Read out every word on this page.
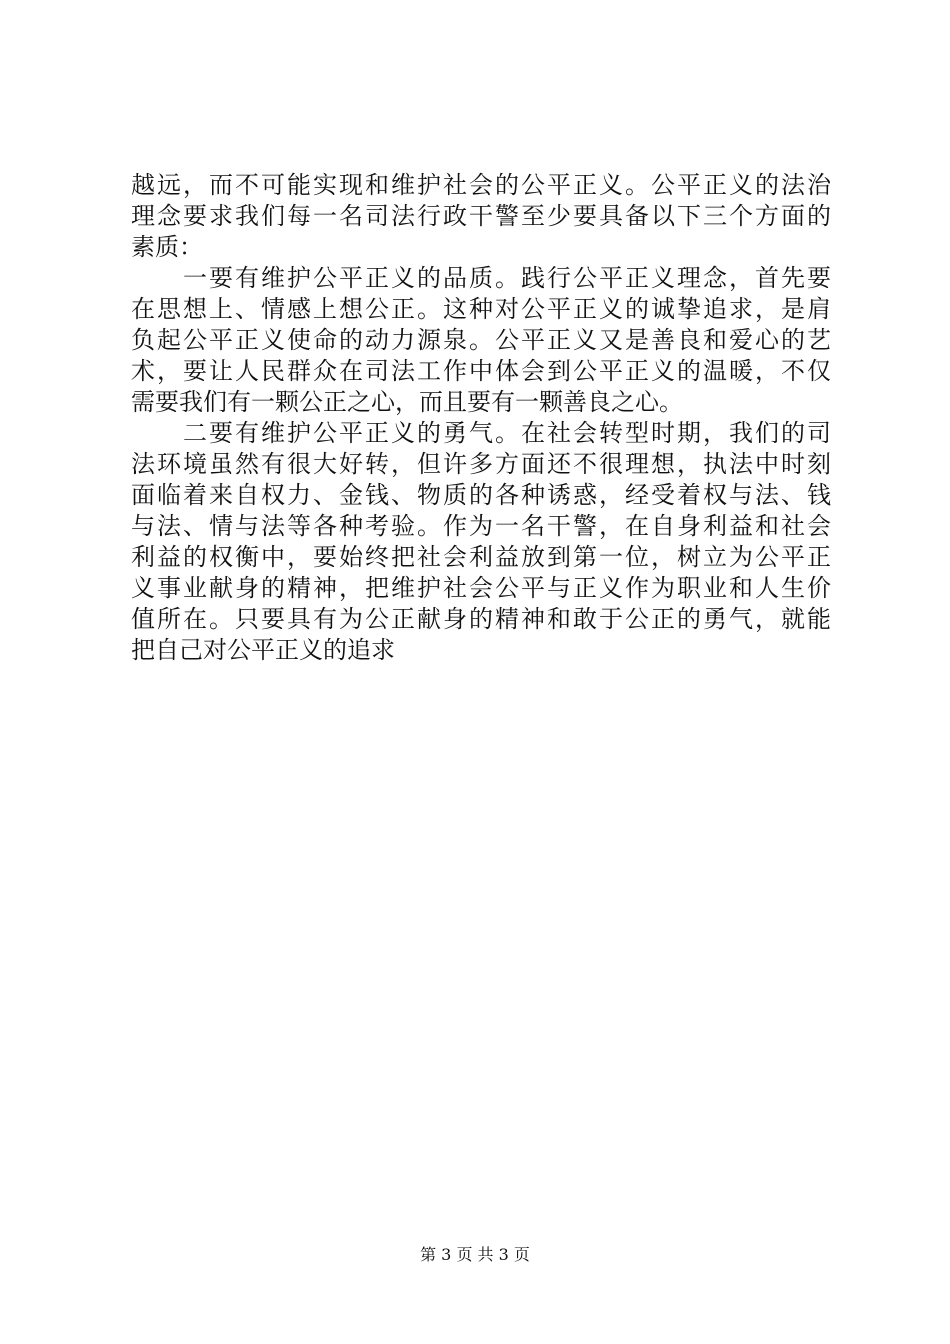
越远，而不可能实现和维护社会的公平正义。公平正义的法治
理念要求我们每一名司法行政干警至少要具备以下三个方面的
素质：
　　一要有维护公平正义的品质。践行公平正义理念，首先要
在思想上、情感上想公正。这种对公平正义的诚挚追求，是肩
负起公平正义使命的动力源泉。公平正义又是善良和爱心的艺
术，要让人民群众在司法工作中体会到公平正义的温暖，不仅
需要我们有一颗公正之心，而且要有一颗善良之心。
　　二要有维护公平正义的勇气。在社会转型时期，我们的司
法环境虽然有很大好转，但许多方面还不很理想，执法中时刻
面临着来自权力、金钱、物质的各种诱惑，经受着权与法、钱
与法、情与法等各种考验。作为一名干警，在自身利益和社会
利益的权衡中，要始终把社会利益放到第一位，树立为公平正
义事业献身的精神，把维护社会公平与正义作为职业和人生价
值所在。只要具有为公正献身的精神和敢于公正的勇气，就能
把自己对公平正义的追求
第 3 页 共 3 页
